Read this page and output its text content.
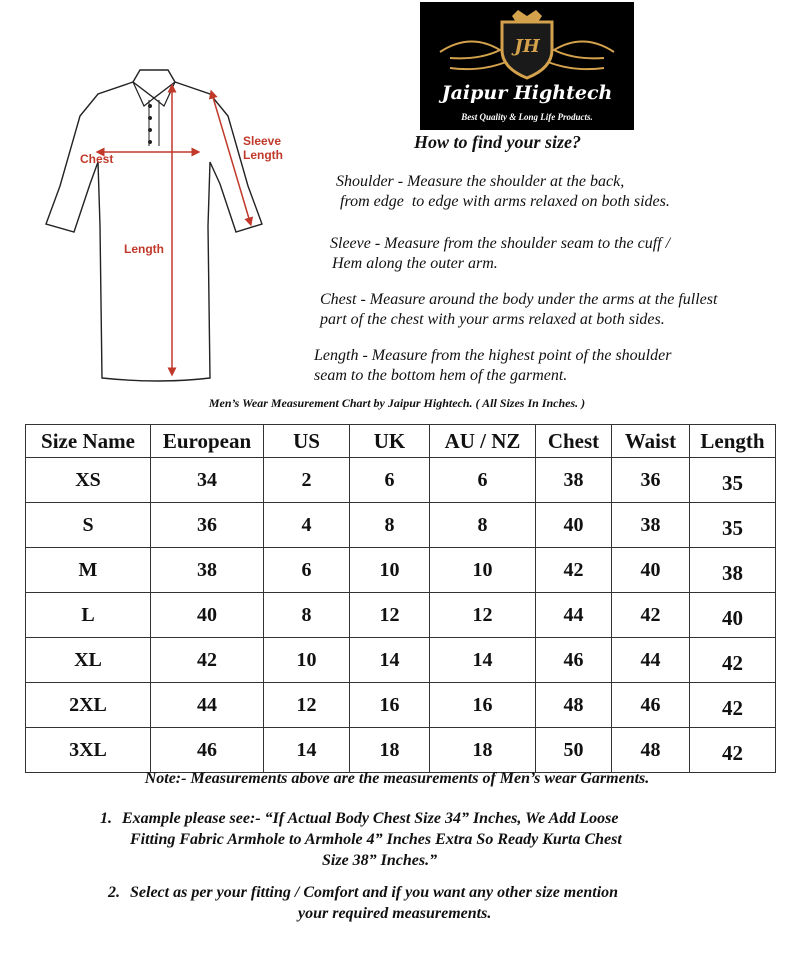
Chest
Sleeve
Length
Length
JH
Jaipur Hightech
Best Quality & Long Life Products.
How to find your size?
Shoulder - Measure the shoulder at the back,
from edge  to edge with arms relaxed on both sides.
Sleeve - Measure from the shoulder seam to the cuff /
Hem along the outer arm.
Chest - Measure around the body under the arms at the fullest
part of the chest with your arms relaxed at both sides.
Length - Measure from the highest point of the shoulder
seam to the bottom hem of the garment.
Men’s Wear Measurement Chart by Jaipur Hightech. ( All Sizes In Inches. )
Size Name	European	US	UK	AU / NZ	Chest	Waist	Length
XS	34	2	6	6	38	36	35
S	36	4	8	8	40	38	35
M	38	6	10	10	42	40	38
L	40	8	12	12	44	42	40
XL	42	10	14	14	46	44	42
2XL	44	12	16	16	48	46	42
3XL	46	14	18	18	50	48	42
Note:- Measurements above are the measurements of Men’s wear Garments.
1. Example please see:- “If Actual Body Chest Size 34” Inches, We Add Loose
Fitting Fabric Armhole to Armhole 4” Inches Extra So Ready Kurta Chest
Size 38” Inches.”
2. Select as per your fitting / Comfort and if you want any other size mention
your required measurements.
